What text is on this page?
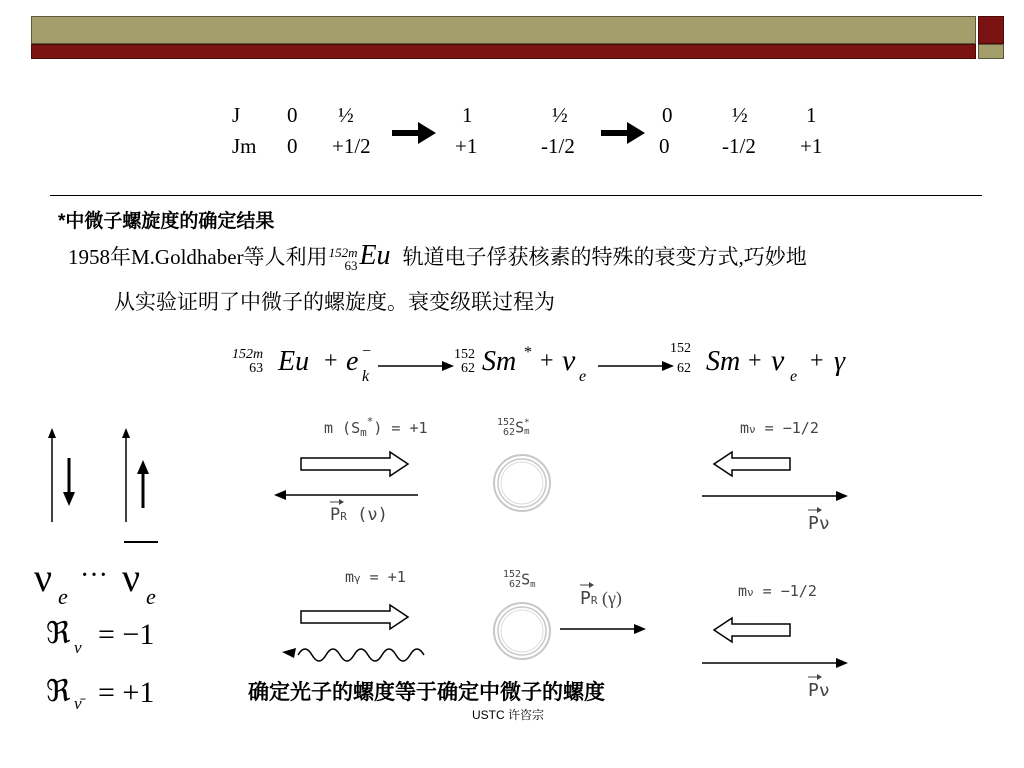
J 0 ½	1	½	0	½	1
Jm 0 +1/2	+1	-1/2	0	-1/2 +1
*中微子螺旋度的确定结果
1958年M.Goldhaber等人利用 152m
63 Eu 轨道电子俘获核素的特殊的衰变方式,巧妙地
从实验证明了中微子的螺旋度。衰变级联过程为
152m
63 Eu + e −
k
152
62 Sm * + ν e
152
62 Sm + ν e
+ γ
ν e
··· ν e
ℜ ν = −1
ℜ ν̄ = +1
m $(S_m^*) = +1$
PR (ν)
152
62 S *
m	mν = −1/2
Pν
mγ = +1	152
62 $S_m$
PR (γ)	mν = −1/2
Pν
确定光子的螺度等于确定中微子的螺度
USTC 许咨宗
